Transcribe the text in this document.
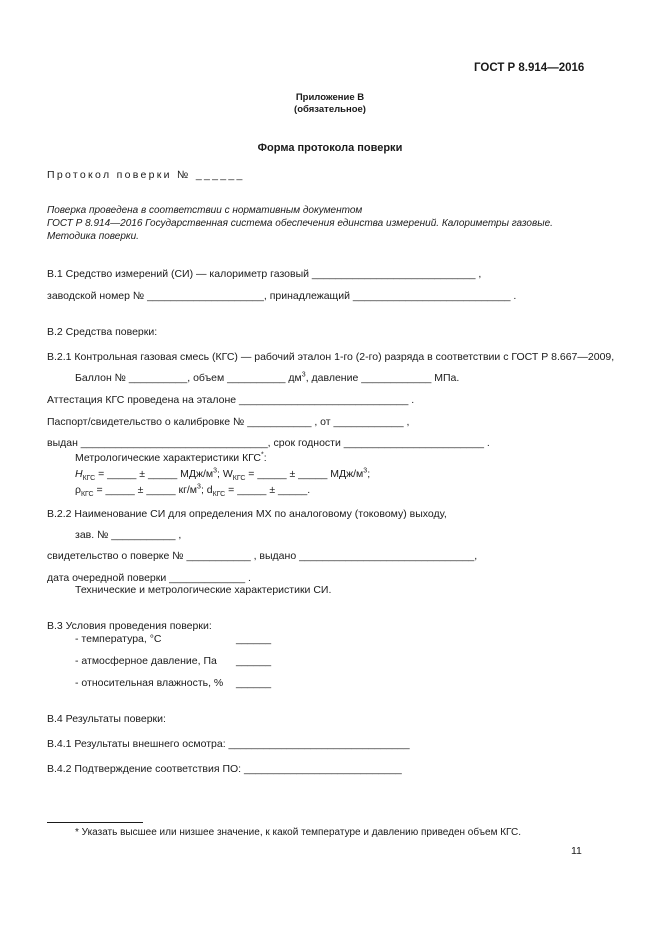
ГОСТ Р 8.914—2016
Приложение В
(обязательное)
Форма протокола поверки
Протокол поверки № ______
Поверка проведена в соответствии с нормативным документом
ГОСТ Р 8.914—2016 Государственная система обеспечения единства измерений. Калориметры газовые.
Методика поверки.
В.1 Средство измерений (СИ) — калориметр газовый ____________________________ ,
заводской номер № ____________________, принадлежащий ___________________________ .
В.2 Средства поверки:
В.2.1 Контрольная газовая смесь (КГС) — рабочий эталон 1-го (2-го) разряда в соответствии с ГОСТ Р 8.667—2009,
Баллон № __________, объем __________ $дм^3$, давление ____________ МПа.
Аттестация КГС проведена на эталоне _____________________________ .
Паспорт/свидетельство о калибровке № ___________ , от ____________ ,
выдан ________________________________, срок годности ________________________ .
Метрологические характеристики КГС*:
$H_{КГС}$ = _____ ± _____ МДж/$м^3$; $W_{КГС}$ = _____ ± _____ МДж/$м^3$;
$\rho_{КГС}$ = _____ ± _____ $кг/м^3$; $d_{КГС}$ = _____ ± _____.
В.2.2 Наименование СИ для определения МХ по аналоговому (токовому) выходу,
зав. № ___________ ,
свидетельство о поверке № ___________ , выдано ______________________________,
дата очередной поверки _____________ .
Технические и метрологические характеристики СИ.
В.3 Условия проведения поверки:
- температура, °С	______
- атмосферное давление, Па ______
- относительная влажность, % ______
В.4 Результаты поверки:
В.4.1 Результаты внешнего осмотра: _______________________________
В.4.2 Подтверждение соответствия ПО: ___________________________
* Указать высшее или низшее значение, к какой температуре и давлению приведен объем КГС.
11
